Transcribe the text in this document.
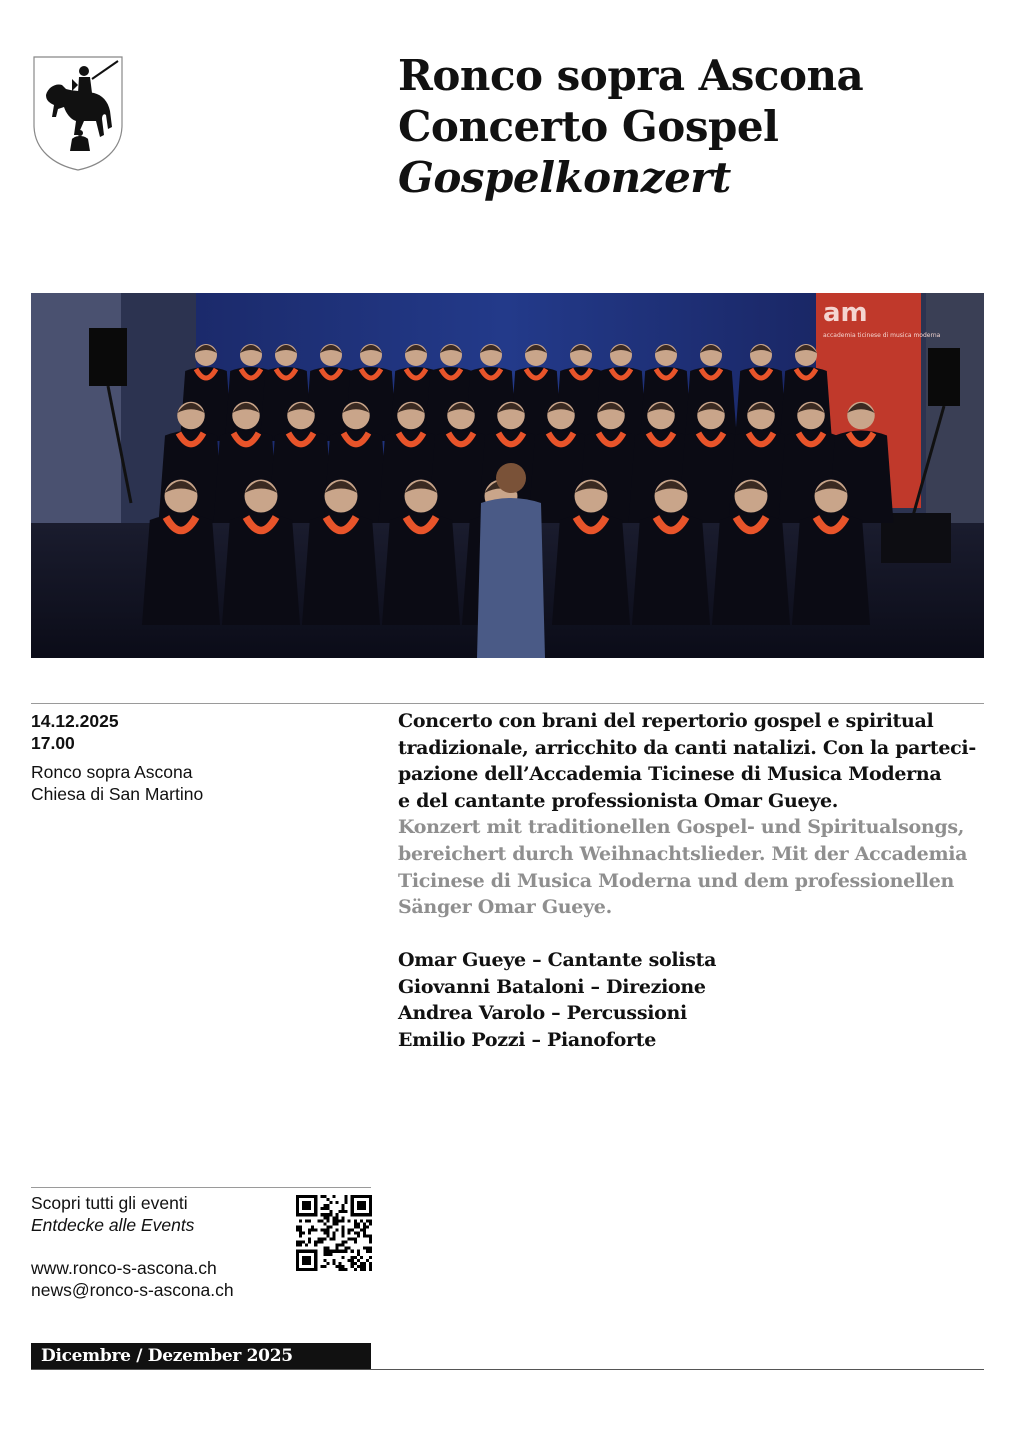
Ronco sopra Ascona
Concerto Gospel
Gospelkonzert
am
accademia ticinese di musica moderna
14.12.2025
17.00
Ronco sopra Ascona
Chiesa di San Martino
Concerto con brani del repertorio gospel e spiritual
tradizionale, arricchito da canti natalizi. Con la parteci-
pazione dell’Accademia Ticinese di Musica Moderna
e del cantante professionista Omar Gueye.
Konzert mit traditionellen Gospel- und Spiritualsongs,
bereichert durch Weihnachtslieder. Mit der Accademia
Ticinese di Musica Moderna und dem professionellen
Sänger Omar Gueye.
Omar Gueye – Cantante solista
Giovanni Bataloni – Direzione
Andrea Varolo – Percussioni
Emilio Pozzi – Pianoforte
Scopri tutti gli eventi
Entdecke alle Events
www.ronco-s-ascona.ch
news@ronco-s-ascona.ch
Dicembre / Dezember 2025
